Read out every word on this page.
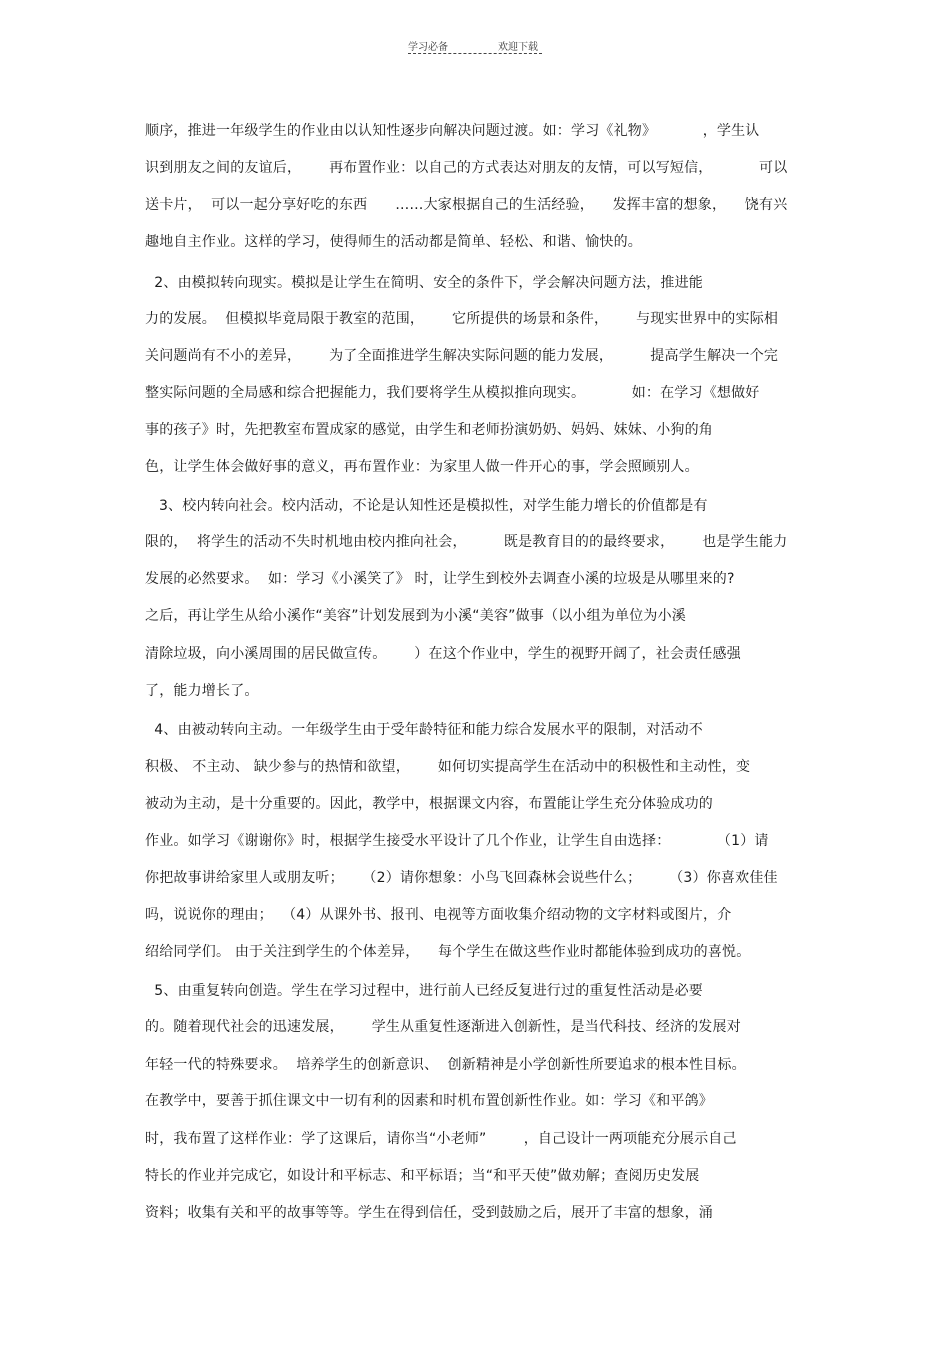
学习必备	欢迎下载
顺序，推进一年级学生的作业由以认知性逐步向解决问题过渡。如：学习《礼物》          ，学生认
识到朋友之间的友谊后，      再布置作业：以自己的方式表达对朋友的友情，可以写短信，          可以
送卡片，  可以一起分享好吃的东西      ……大家根据自己的生活经验，    发挥丰富的想象，    饶有兴
趣地自主作业。这样的学习，使得师生的活动都是简单、轻松、和谐、愉快的。
2、由模拟转向现实。模拟是让学生在简明、安全的条件下，学会解决问题方法，推进能
力的发展。  但模拟毕竟局限于教室的范围，      它所提供的场景和条件，      与现实世界中的实际相
关问题尚有不小的差异，      为了全面推进学生解决实际问题的能力发展，        提高学生解决一个完
整实际问题的全局感和综合把握能力，我们要将学生从模拟推向现实。          如：在学习《想做好
事的孩子》时，先把教室布置成家的感觉，由学生和老师扮演奶奶、妈妈、妹妹、小狗的角
色，让学生体会做好事的意义，再布置作业：为家里人做一件开心的事，学会照顾别人。
3、校内转向社会。校内活动，不论是认知性还是模拟性，对学生能力增长的价值都是有
限的，  将学生的活动不失时机地由校内推向社会，        既是教育目的的最终要求，      也是学生能力
发展的必然要求。  如：学习《小溪笑了》 时，让学生到校外去调查小溪的垃圾是从哪里来的?
之后，再让学生从给小溪作“美容”计划发展到为小溪“美容”做事（以小组为单位为小溪
清除垃圾，向小溪周围的居民做宣传。      ）在这个作业中，学生的视野开阔了，社会责任感强
了，能力增长了。
4、由被动转向主动。一年级学生由于受年龄特征和能力综合发展水平的限制，对活动不
积极、 不主动、 缺少参与的热情和欲望，      如何切实提高学生在活动中的积极性和主动性，变
被动为主动，是十分重要的。因此，教学中，根据课文内容，布置能让学生充分体验成功的
作业。如学习《谢谢你》时，根据学生接受水平设计了几个作业，让学生自由选择：          （1）请
你把故事讲给家里人或朋友听；    （2）请你想象：小鸟飞回森林会说些什么；      （3）你喜欢佳佳
吗，说说你的理由；  （4）从课外书、报刊、电视等方面收集介绍动物的文字材料或图片，介
绍给同学们。 由于关注到学生的个体差异，    每个学生在做这些作业时都能体验到成功的喜悦。
5、由重复转向创造。学生在学习过程中，进行前人已经反复进行过的重复性活动是必要
的。随着现代社会的迅速发展，      学生从重复性逐渐进入创新性，是当代科技、经济的发展对
年轻一代的特殊要求。  培养学生的创新意识、  创新精神是小学创新性所要追求的根本性目标。
在教学中，要善于抓住课文中一切有利的因素和时机布置创新性作业。如：学习《和平鸽》
时，我布置了这样作业：学了这课后，请你当“小老师”        ，自己设计一两项能充分展示自己
特长的作业并完成它，如设计和平标志、和平标语；当“和平天使”做劝解；查阅历史发展
资料；收集有关和平的故事等等。学生在得到信任，受到鼓励之后，展开了丰富的想象，涌
